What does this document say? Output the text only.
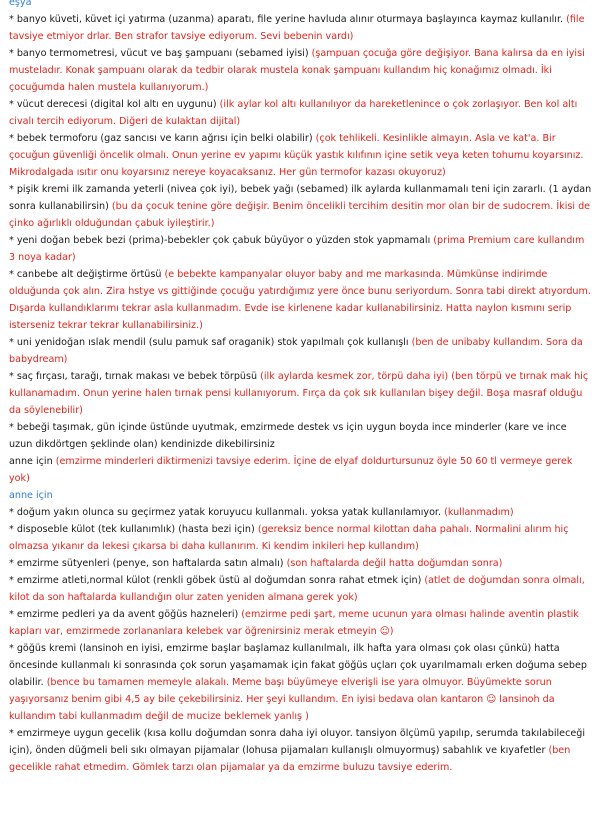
eşya

* banyo küveti, küvet içi yatırma (uzanma) aparatı, file yerine havluda alınır oturmaya başlayınca kaymaz kullanılır. (file tavsiye etmiyor drlar. Ben strafor tavsiye ediyorum. Sevi bebenin vardı)

* banyo termometresi, vücut ve baş şampuanı (sebamed iyisi) (şampuan çocuğa göre değişiyor. Bana kalırsa da en iyisi musteladır. Konak şampuanı olarak da tedbir olarak mustela konak şampuanı kullandım hiç konağımız olmadı. İki çocuğumda halen mustela kullanıyorum.)

* vücut derecesi (digital kol altı en uygunu) (ilk aylar kol altı kullanılıyor da hareketlenince o çok zorlaşıyor. Ben kol altı civalı tercih ediyorum. Diğeri de kulaktan dijital)

* bebek termoforu (gaz sancısı ve karın ağrısı için belki olabilir) (çok tehlikeli. Kesinlikle almayın. Asla ve kat'a. Bir çocuğun güvenliği öncelik olmalı. Onun yerine ev yapımı küçük yastık kılıfının içine setik veya keten tohumu koyarsınız. Mikrodalgada ısıtır onu koyarsınız nereye koyacaksanız. Her gün termofor kazası okuyoruz)

* pişik kremi ilk zamanda yeterli (nivea çok iyi), bebek yağı (sebamed) ilk aylarda kullanmamalı teni için zararlı. (1 aydan sonra kullanabilirsin) (bu da çocuk tenine göre değişir. Benim öncelikli tercihim desitin mor olan bir de sudocrem. İkisi de çinko ağırlıklı olduğundan çabuk iyileştirir.)

* yeni doğan bebek bezi (prima)-bebekler çok çabuk büyüyor o yüzden stok yapmamalı (prima Premium care kullandım 3 noya kadar)

* canbebe alt değiştirme örtüsü (e bebekte kampanyalar oluyor baby and me markasında. Mümkünse indirimde olduğunda çok alın. Zira hstye vs gittiğinde çocuğu yatırdığımız yere önce bunu seriyordum. Sonra tabi direkt atıyordum. Dışarda kullandıklarımı tekrar asla kullanmadım. Evde ise kirlenene kadar kullanabilirsiniz. Hatta naylon kısmını serip isterseniz tekrar tekrar kullanabilirsiniz.)

* uni yenidoğan ıslak mendil (sulu pamuk saf oraganik) stok yapılmalı çok kullanışlı (ben de unibaby kullandım. Sora da babydream)

* saç fırçası, tarağı, tırnak makası ve bebek törpüsü (ilk aylarda kesmek zor, törpü daha iyi) (ben törpü ve tırnak mak hiç kullanamadım. Onun yerine halen tırnak pensi kullanıyorum. Fırça da çok sık kullanılan bişey değil. Boşa masraf olduğu da söylenebilir)

* bebeği taşımak, gün içinde üstünde uyutmak, emzirmede destek vs için uygun boyda ince minderler (kare ve ince uzun dikdörtgen şeklinde olan) kendinizde dikebilirsiniz

anne için (emzirme minderleri diktirmenizi tavsiye ederim. İçine de elyaf doldurtursunuz öyle 50 60 tl vermeye gerek yok)

anne için

* doğum yakın olunca su geçirmez yatak koruyucu kullanmalı. yoksa yatak kullanılamıyor. (kullanmadım)

* disposeble külot (tek kullanımlık) (hasta bezi için) (gereksiz bence normal kilottan daha pahalı. Normalini alırım hiç olmazsa yıkanır da lekesi çıkarsa bi daha kullanırım. Ki kendim inkileri hep kullandım)

* emzirme sütyenleri (penye, son haftalarda satın almalı) (son haftalarda değil hatta doğumdan sonra)

* emzirme atleti,normal külot (renkli göbek üstü al doğumdan sonra rahat etmek için) (atlet de doğumdan sonra olmalı, kilot da son haftalarda kullandığın olur zaten yeniden almana gerek yok)

* emzirme pedleri ya da avent göğüs hazneleri) (emzirme pedi şart, meme ucunun yara olması halinde aventin plastik kapları var, emzirmede zorlananlara kelebek var öğrenirsiniz merak etmeyin ☺)

* göğüs kremi (lansinoh en iyisi, emzirme başlar başlamaz kullanılmalı, ilk hafta yara olması çok olası çünkü) hatta öncesinde kullanmalı ki sonrasında çok sorun yaşamamak için fakat göğüs uçları çok uyarılmamalı erken doğuma sebep olabilir. (bence bu tamamen memeyle alakalı. Meme başı büyümeye elverişli ise yara olmuyor. Büyümekte sorun yaşıyorsanız benim gibi 4,5 ay bile çekebilirsiniz. Her şeyi kullandım. En iyisi bedava olan kantaron ☺ lansinoh da kullandım tabi kullanmadım değil de mucize beklemek yanlış )

* emzirmeye uygun gecelik (kısa kollu doğumdan sonra daha iyi oluyor. tansiyon ölçümü yapılıp, serumda takılabileceği için), önden düğmeli beli sıkı olmayan pijamalar (lohusa pijamaları kullanışlı olmuyormuş) sabahlık ve kıyafetler (ben gecelikle rahat etmedim. Gömlek tarzı olan pijamalar ya da emzirme buluzu tavsiye ederim.
